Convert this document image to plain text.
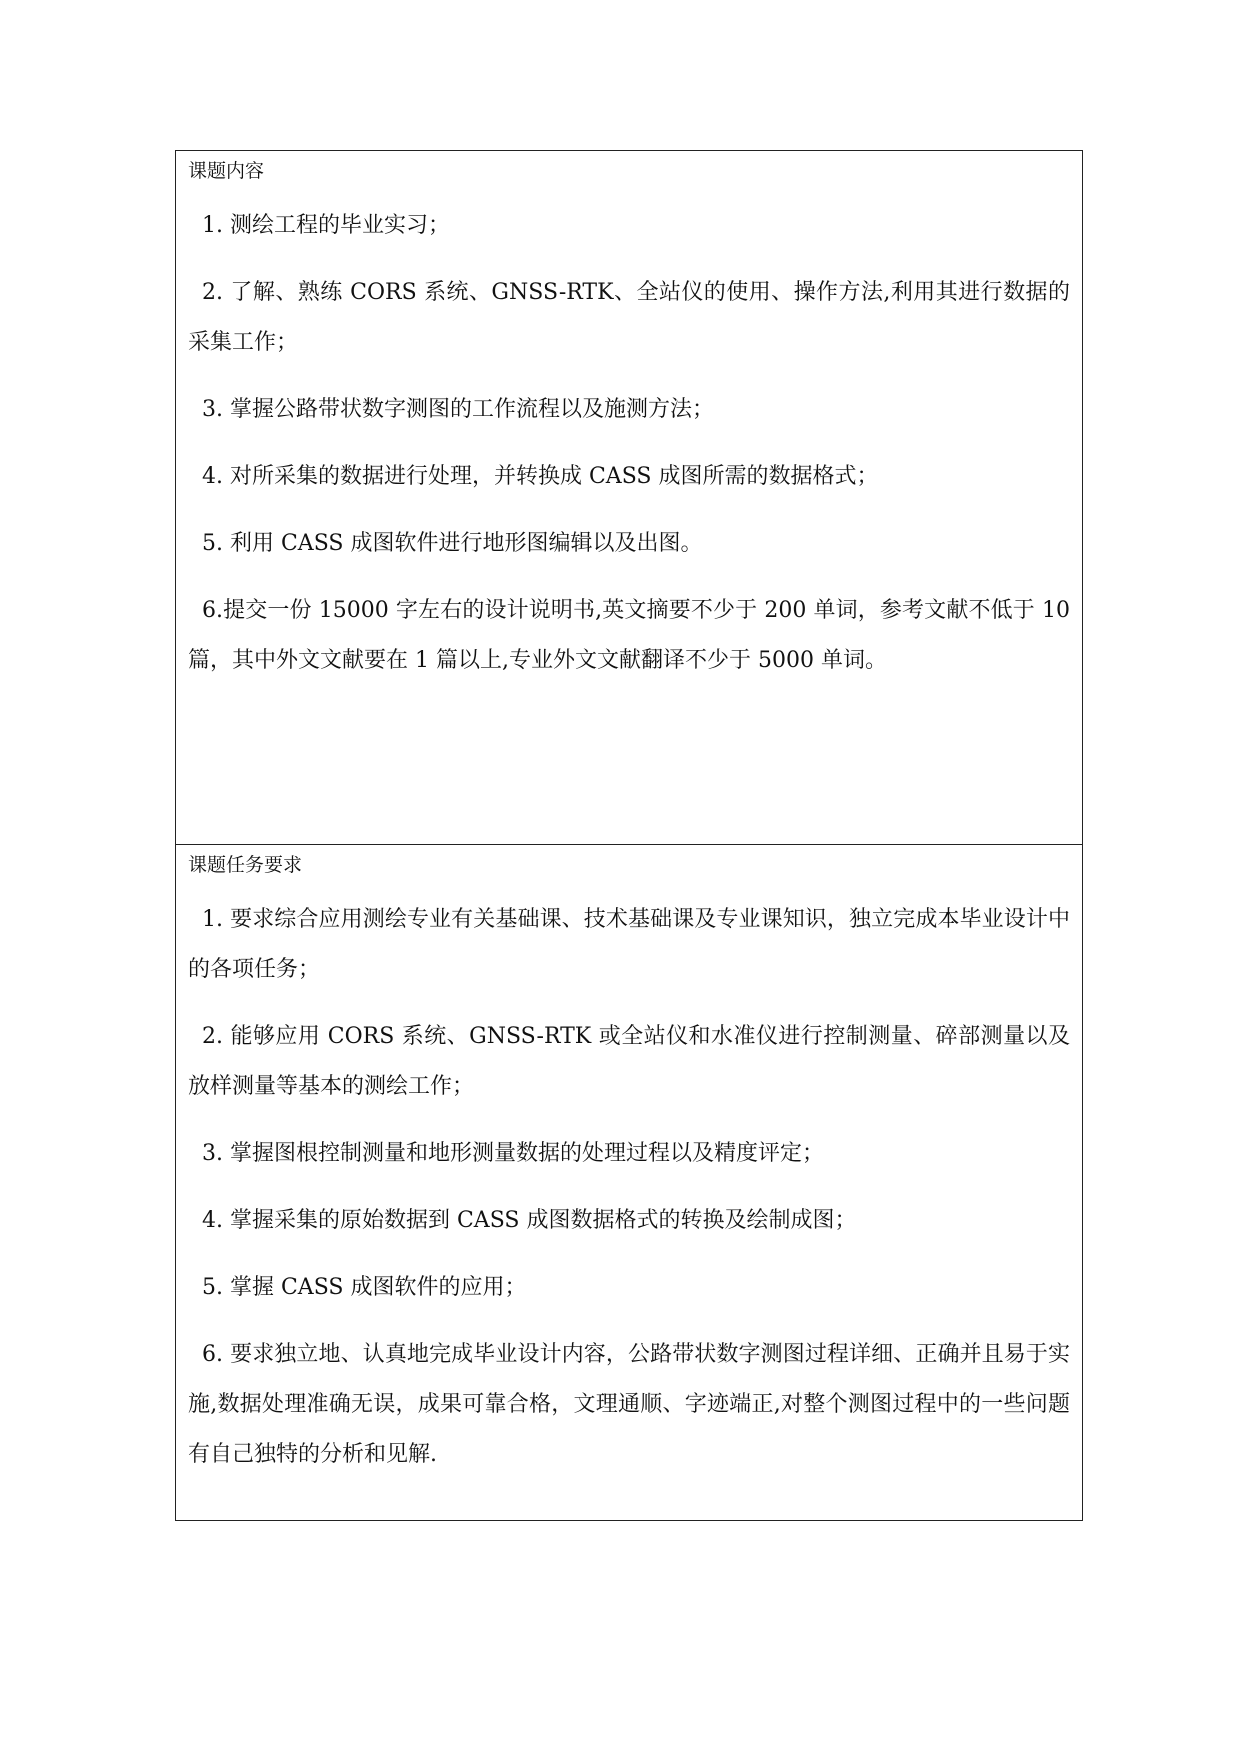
课题内容
1. 测绘工程的毕业实习；
2. 了解、熟练 CORS 系统、GNSS-RTK、全站仪的使用、操作方法,利用其进行数据的采集工作；
3. 掌握公路带状数字测图的工作流程以及施测方法；
4. 对所采集的数据进行处理，并转换成 CASS 成图所需的数据格式；
5. 利用 CASS 成图软件进行地形图编辑以及出图。
6.提交一份 15000 字左右的设计说明书,英文摘要不少于 200 单词，参考文献不低于 10 篇，其中外文文献要在 1 篇以上,专业外文文献翻译不少于 5000 单词。
课题任务要求
1. 要求综合应用测绘专业有关基础课、技术基础课及专业课知识，独立完成本毕业设计中的各项任务；
2. 能够应用 CORS 系统、GNSS-RTK 或全站仪和水准仪进行控制测量、碎部测量以及放样测量等基本的测绘工作；
3. 掌握图根控制测量和地形测量数据的处理过程以及精度评定；
4. 掌握采集的原始数据到 CASS 成图数据格式的转换及绘制成图；
5. 掌握 CASS 成图软件的应用；
6. 要求独立地、认真地完成毕业设计内容，公路带状数字测图过程详细、正确并且易于实施,数据处理准确无误，成果可靠合格，文理通顺、字迹端正,对整个测图过程中的一些问题有自己独特的分析和见解.
